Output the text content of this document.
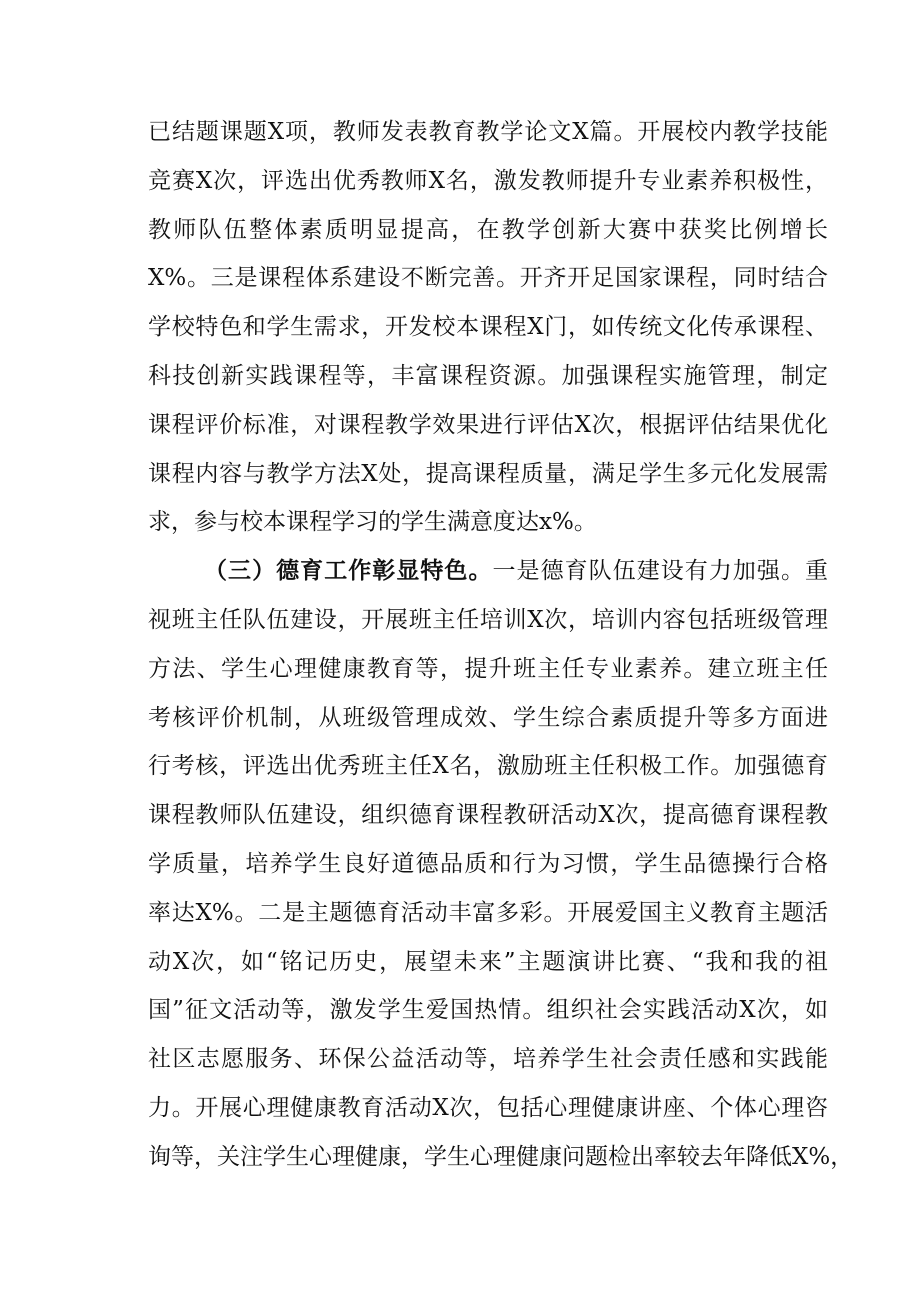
已结题课题X项，教师发表教育教学论文X篇。开展校内教学技能
竞赛X次，评选出优秀教师X名，激发教师提升专业素养积极性，
教师队伍整体素质明显提高，在教学创新大赛中获奖比例增长
X%。三是课程体系建设不断完善。开齐开足国家课程，同时结合
学校特色和学生需求，开发校本课程X门，如传统文化传承课程、
科技创新实践课程等，丰富课程资源。加强课程实施管理，制定
课程评价标准，对课程教学效果进行评估X次，根据评估结果优化
课程内容与教学方法X处，提高课程质量，满足学生多元化发展需
求，参与校本课程学习的学生满意度达x%。
（三）德育工作彰显特色。一是德育队伍建设有力加强。重
视班主任队伍建设，开展班主任培训X次，培训内容包括班级管理
方法、学生心理健康教育等，提升班主任专业素养。建立班主任
考核评价机制，从班级管理成效、学生综合素质提升等多方面进
行考核，评选出优秀班主任X名，激励班主任积极工作。加强德育
课程教师队伍建设，组织德育课程教研活动X次，提高德育课程教
学质量，培养学生良好道德品质和行为习惯，学生品德操行合格
率达X%。二是主题德育活动丰富多彩。开展爱国主义教育主题活
动X次，如“铭记历史，展望未来”主题演讲比赛、“我和我的祖
国”征文活动等，激发学生爱国热情。组织社会实践活动X次，如
社区志愿服务、环保公益活动等，培养学生社会责任感和实践能
力。开展心理健康教育活动X次，包括心理健康讲座、个体心理咨
询等，关注学生心理健康，学生心理健康问题检出率较去年降低X%，
